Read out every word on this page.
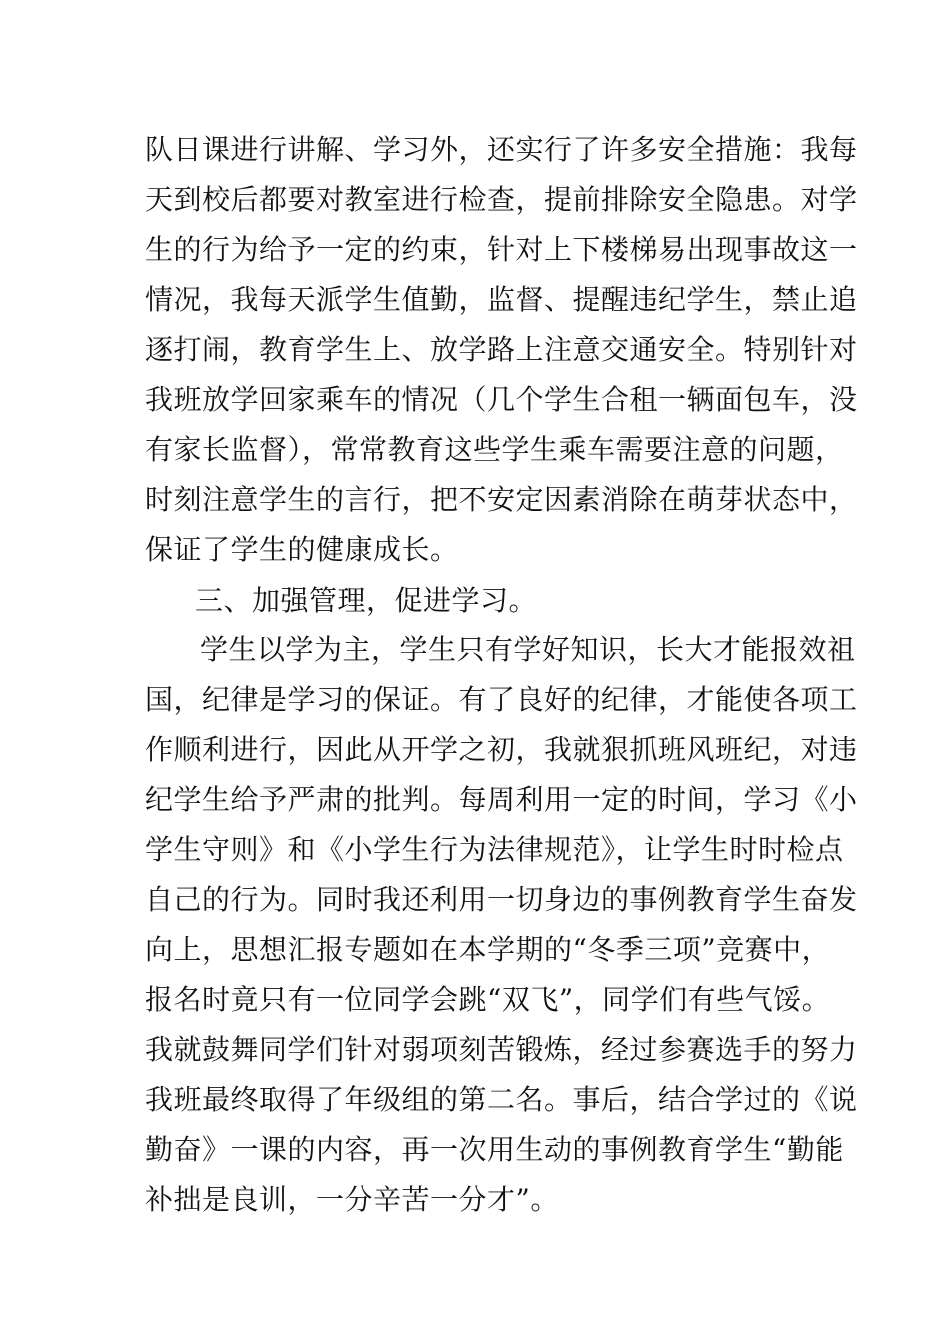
队日课进行讲解、学习外，还实行了许多安全措施：我每
天到校后都要对教室进行检查，提前排除安全隐患。对学
生的行为给予一定的约束，针对上下楼梯易出现事故这一
情况，我每天派学生值勤，监督、提醒违纪学生，禁止追
逐打闹，教育学生上、放学路上注意交通安全。特别针对
我班放学回家乘车的情况（几个学生合租一辆面包车，没
有家长监督），常常教育这些学生乘车需要注意的问题，
时刻注意学生的言行，把不安定因素消除在萌芽状态中，
保证了学生的健康成长。
三、加强管理，促进学习。
学生以学为主，学生只有学好知识，长大才能报效祖
国，纪律是学习的保证。有了良好的纪律，才能使各项工
作顺利进行，因此从开学之初，我就狠抓班风班纪，对违
纪学生给予严肃的批判。每周利用一定的时间，学习《小
学生守则》和《小学生行为法律规范》，让学生时时检点
自己的行为。同时我还利用一切身边的事例教育学生奋发
向上，思想汇报专题如在本学期的“冬季三项”竞赛中，
报名时竟只有一位同学会跳“双飞”，同学们有些气馁。
我就鼓舞同学们针对弱项刻苦锻炼，经过参赛选手的努力
我班最终取得了年级组的第二名。事后，结合学过的《说
勤奋》一课的内容，再一次用生动的事例教育学生“勤能
补拙是良训，一分辛苦一分才”。
